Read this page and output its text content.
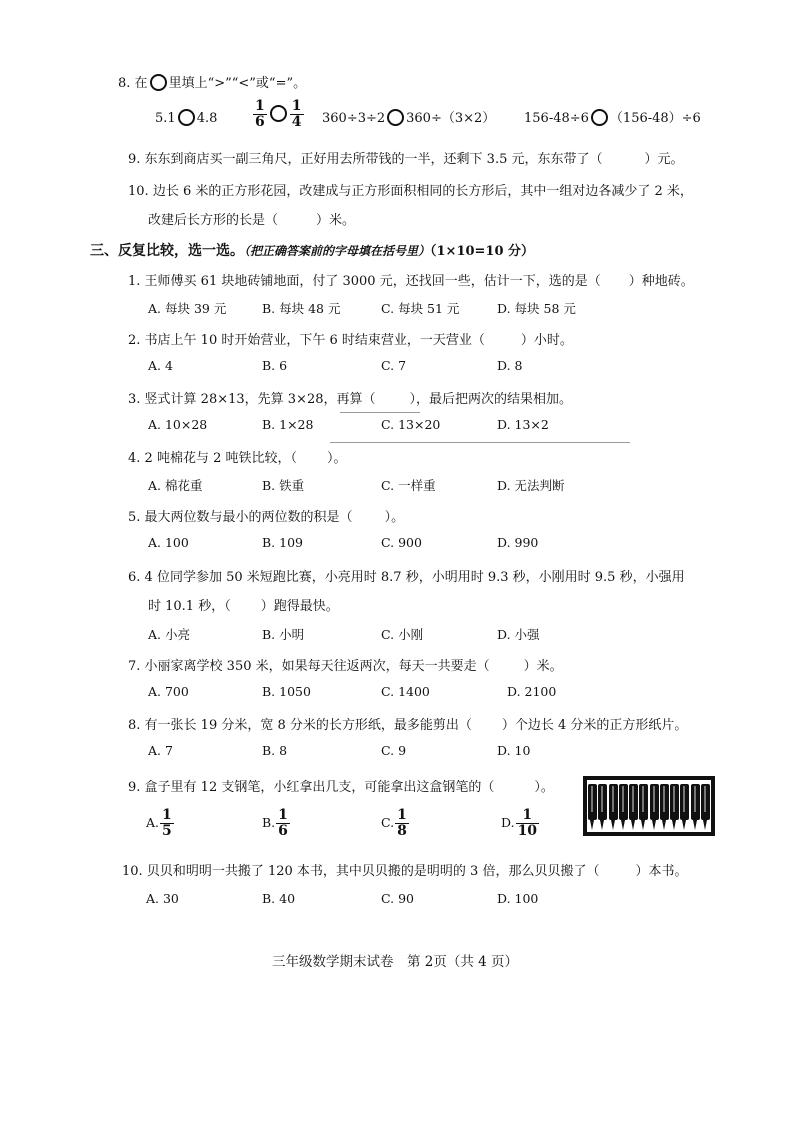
8. 在 里填上“>”“<”或“=”。
5.1 4.8	$\frac{1}{6} \frac{1}{4} 360\div 3\div 2$ 360÷（3×2） 156-48÷6 （156-48）÷6
9. 东东到商店买一副三角尺，正好用去所带钱的一半，还剩下 3.5 元，东东带了（	）元。
10. 边长 6 米的正方形花园，改建成与正方形面积相同的长方形后，其中一组对边各减少了 2 米，
改建后长方形的长是（	）米。
三、反复比较，选一选。（把正确答案前的字母填在括号里）（1×10=10 分）
1. 王师傅买 61 块地砖铺地面，付了 3000 元，还找回一些，估计一下，选的是（ ）种地砖。
A. 每块 39 元	B. 每块 48 元	C. 每块 51 元	D. 每块 58 元
2. 书店上午 10 时开始营业，下午 6 时结束营业，一天营业（	）小时。
A. 4	B. 6	C. 7	D. 8
3. 竖式计算 28×13，先算 3×28，再算（	），最后把两次的结果相加。
A. 10×28	B. 1×28	C. 13×20	D. 13×2
4. 2 吨棉花与 2 吨铁比较，（ ）。
A. 棉花重	B. 铁重	C. 一样重	D. 无法判断
5. 最大两位数与最小的两位数的积是（ ）。
A. 100	B. 109	C. 900	D. 990
6. 4 位同学参加 50 米短跑比赛，小亮用时 8.7 秒，小明用时 9.3 秒，小刚用时 9.5 秒，小强用
时 10.1 秒，（ ）跑得最快。
A. 小亮	B. 小明	C. 小刚	D. 小强
7. 小丽家离学校 350 米，如果每天往返两次，每天一共要走（	）米。
A. 700	B. 1050	C. 1400	D. 2100
8. 有一张长 19 分米，宽 8 分米的长方形纸，最多能剪出（ ）个边长 4 分米的正方形纸片。
A. 7	B. 8	C. 9	D. 10
9. 盒子里有 12 支钢笔，小红拿出几支，可能拿出这盒钢笔的（	）。
A. $\frac{1}{5}$	B. $\frac{1}{6}$	C. $\frac{1}{8}$	D. $\frac{1}{10}$
10. 贝贝和明明一共搬了 120 本书，其中贝贝搬的是明明的 3 倍，那么贝贝搬了（	）本书。
A. 30	B. 40	C. 90	D. 100
三年级数学期末试卷　第 2页（共 4 页）
